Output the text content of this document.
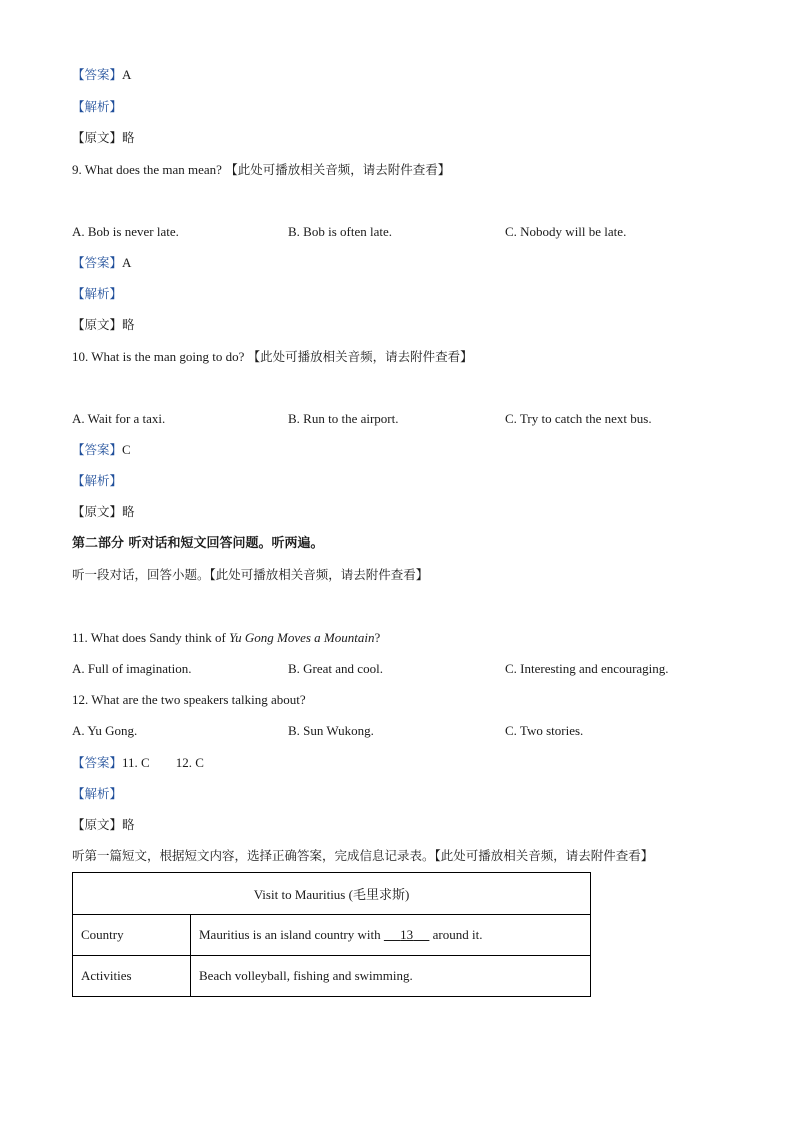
【答案】A
【解析】
【原文】略
9. What does the man mean? 【此处可播放相关音频，请去附件查看】
A. Bob is never late.	B. Bob is often late.	C. Nobody will be late.
【答案】A
【解析】
【原文】略
10. What is the man going to do? 【此处可播放相关音频，请去附件查看】
A. Wait for a taxi.	B. Run to the airport.	C. Try to catch the next bus.
【答案】C
【解析】
【原文】略
第二部分 听对话和短文回答问题。听两遍。
听一段对话，回答小题。【此处可播放相关音频，请去附件查看】
11. What does Sandy think of Yu Gong Moves a Mountain?
A. Full of imagination.	B. Great and cool.	C. Interesting and encouraging.
12. What are the two speakers talking about?
A. Yu Gong.	B. Sun Wukong.	C. Two stories.
【答案】11. C 12. C
【解析】
【原文】略
听第一篇短文，根据短文内容，选择正确答案，完成信息记录表。【此处可播放相关音频，请去附件查看】
Visit to Mauritius (毛里求斯)	
Country	Mauritius is an island country with      13      around it.
Activities	Beach volleyball, fishing and swimming.
